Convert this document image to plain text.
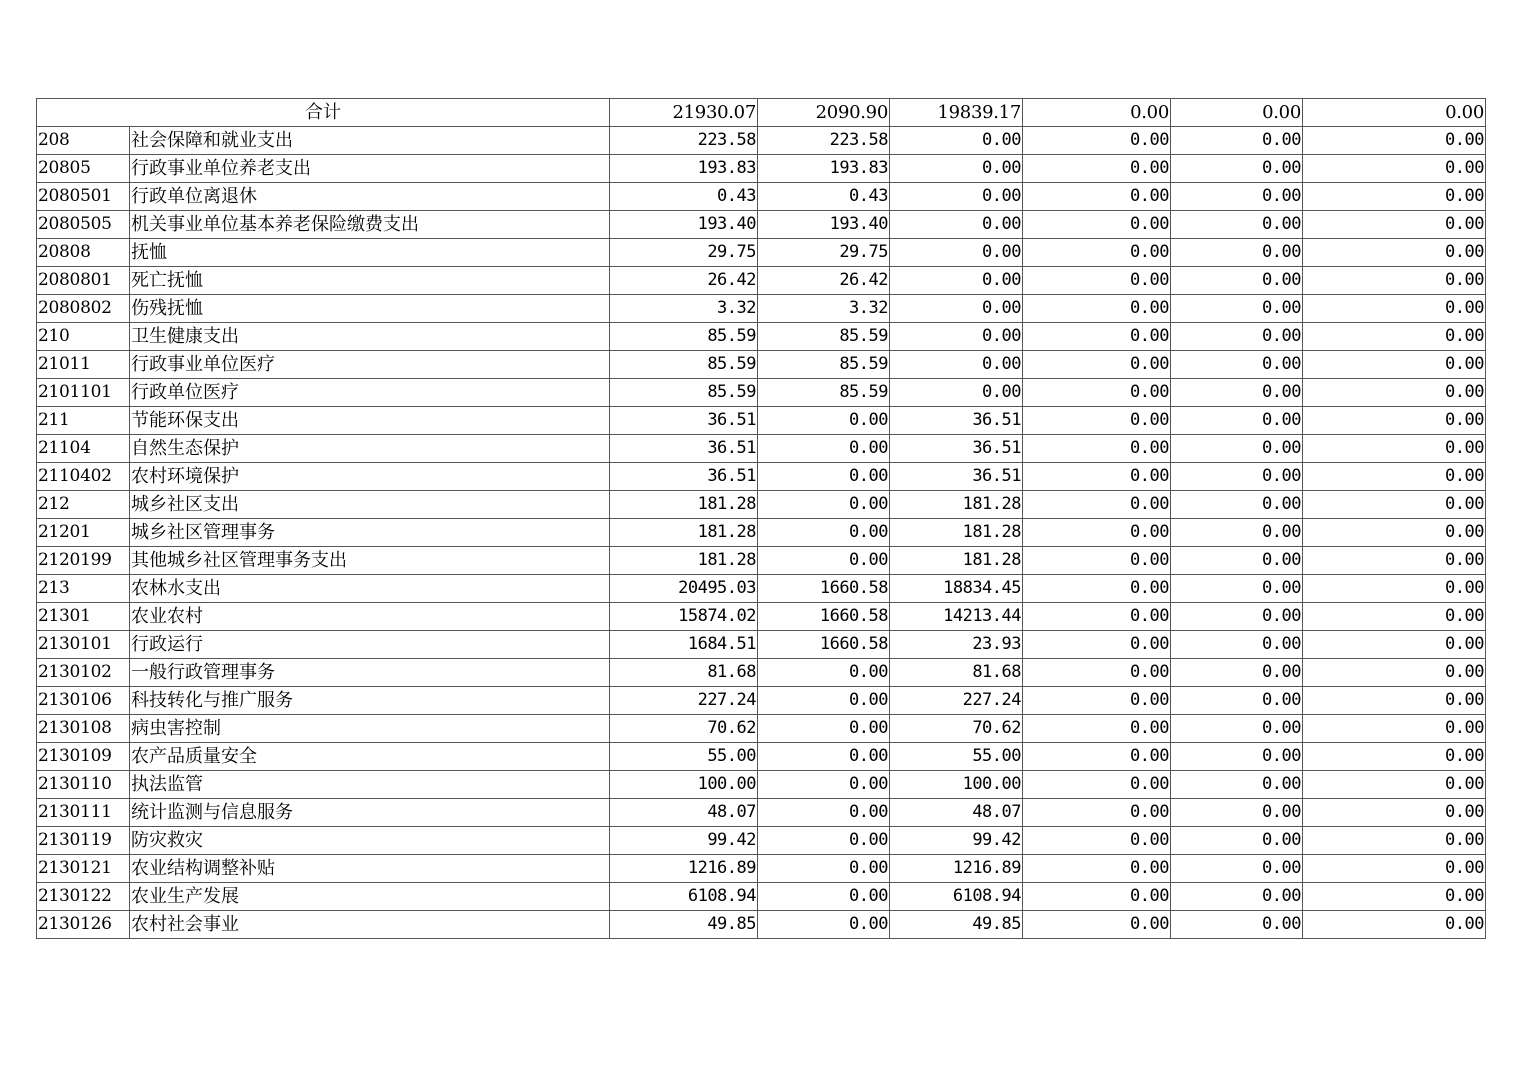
合计		21930.07	2090.90	19839.17	0.00	0.00	0.00
208	社会保障和就业支出	223.58	223.58	0.00	0.00	0.00	0.00
20805	行政事业单位养老支出	193.83	193.83	0.00	0.00	0.00	0.00
2080501	行政单位离退休	0.43	0.43	0.00	0.00	0.00	0.00
2080505	机关事业单位基本养老保险缴费支出	193.40	193.40	0.00	0.00	0.00	0.00
20808	抚恤	29.75	29.75	0.00	0.00	0.00	0.00
2080801	死亡抚恤	26.42	26.42	0.00	0.00	0.00	0.00
2080802	伤残抚恤	3.32	3.32	0.00	0.00	0.00	0.00
210	卫生健康支出	85.59	85.59	0.00	0.00	0.00	0.00
21011	行政事业单位医疗	85.59	85.59	0.00	0.00	0.00	0.00
2101101	行政单位医疗	85.59	85.59	0.00	0.00	0.00	0.00
211	节能环保支出	36.51	0.00	36.51	0.00	0.00	0.00
21104	自然生态保护	36.51	0.00	36.51	0.00	0.00	0.00
2110402	农村环境保护	36.51	0.00	36.51	0.00	0.00	0.00
212	城乡社区支出	181.28	0.00	181.28	0.00	0.00	0.00
21201	城乡社区管理事务	181.28	0.00	181.28	0.00	0.00	0.00
2120199	其他城乡社区管理事务支出	181.28	0.00	181.28	0.00	0.00	0.00
213	农林水支出	20495.03	1660.58	18834.45	0.00	0.00	0.00
21301	农业农村	15874.02	1660.58	14213.44	0.00	0.00	0.00
2130101	行政运行	1684.51	1660.58	23.93	0.00	0.00	0.00
2130102	一般行政管理事务	81.68	0.00	81.68	0.00	0.00	0.00
2130106	科技转化与推广服务	227.24	0.00	227.24	0.00	0.00	0.00
2130108	病虫害控制	70.62	0.00	70.62	0.00	0.00	0.00
2130109	农产品质量安全	55.00	0.00	55.00	0.00	0.00	0.00
2130110	执法监管	100.00	0.00	100.00	0.00	0.00	0.00
2130111	统计监测与信息服务	48.07	0.00	48.07	0.00	0.00	0.00
2130119	防灾救灾	99.42	0.00	99.42	0.00	0.00	0.00
2130121	农业结构调整补贴	1216.89	0.00	1216.89	0.00	0.00	0.00
2130122	农业生产发展	6108.94	0.00	6108.94	0.00	0.00	0.00
2130126	农村社会事业	49.85	0.00	49.85	0.00	0.00	0.00
